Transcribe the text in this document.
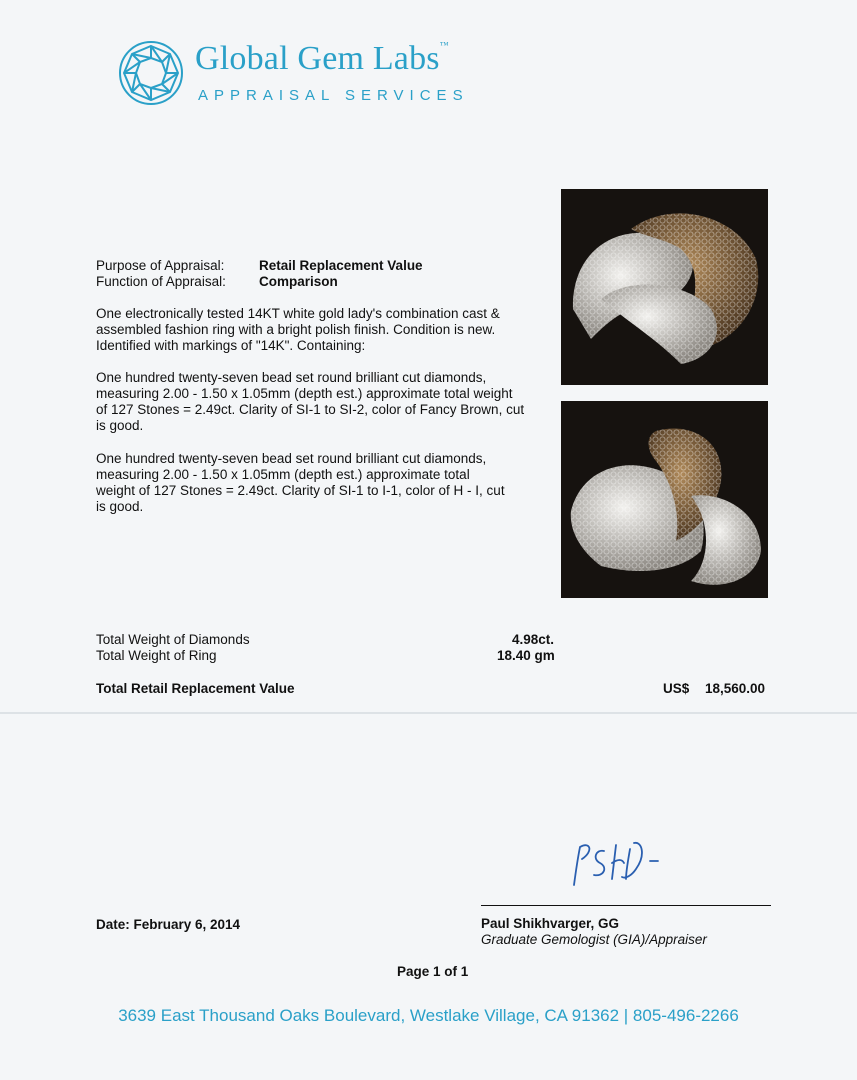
Global Gem Labs™
APPRAISAL SERVICES
Purpose of Appraisal:	Retail Replacement Value
Function of Appraisal: Comparison
One electronically tested 14KT white gold lady's combination cast & assembled fashion ring with a bright polish finish. Condition is new. Identified with markings of "14K". Containing:
One hundred twenty-seven bead set round brilliant cut diamonds, measuring 2.00 - 1.50 x 1.05mm (depth est.) approximate total weight of 127 Stones = 2.49ct. Clarity of SI-1 to SI-2, color of Fancy Brown, cut is good.
One hundred twenty-seven bead set round brilliant cut diamonds, measuring 2.00 - 1.50 x 1.05mm (depth est.) approximate total weight of 127 Stones = 2.49ct. Clarity of SI-1 to I-1, color of H - I, cut is good.
Total Weight of Diamonds	4.98ct.
Total Weight of Ring	18.40 gm
Total Retail Replacement Value	US$ 18,560.00
Date: February 6, 2014	Paul Shikhvarger, GG
Graduate Gemologist (GIA)/Appraiser
Page 1 of 1
3639 East Thousand Oaks Boulevard, Westlake Village, CA 91362 | 805-496-2266
